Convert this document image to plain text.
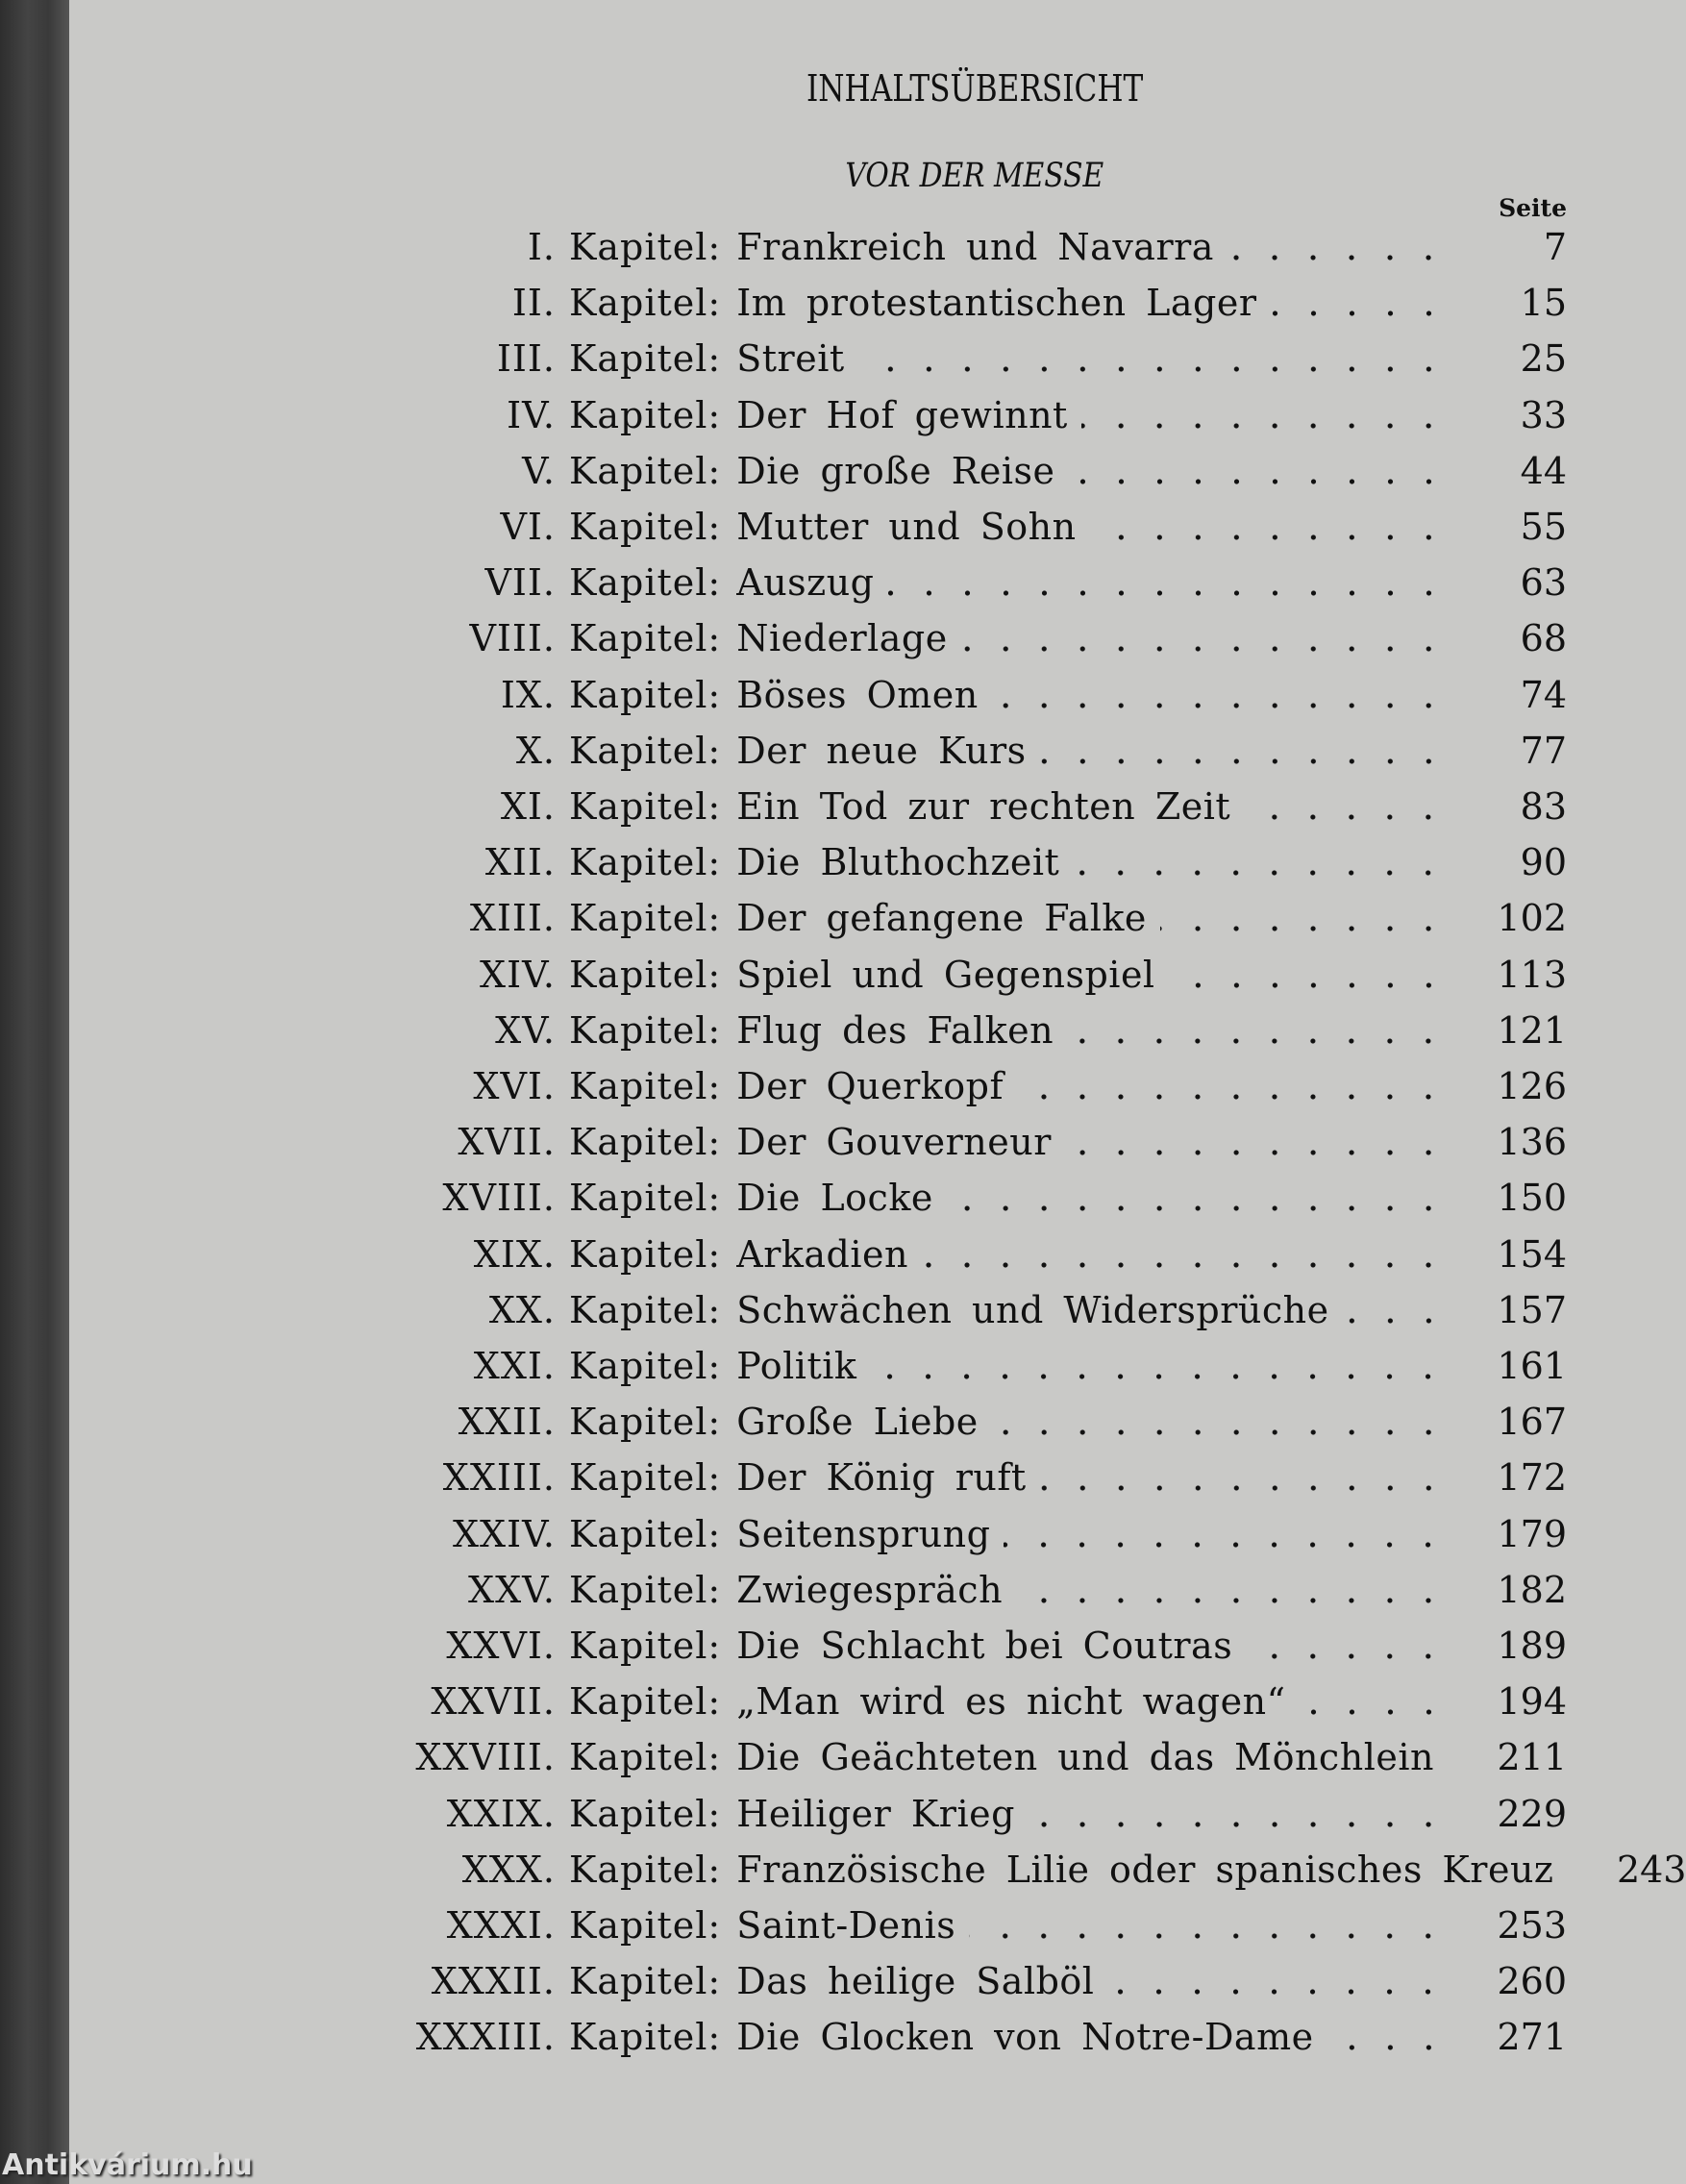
INHALTSÜBERSICHT
VOR DER MESSE
Seite
I. Kapitel: Frankreich und Navarra	7
II. Kapitel: Im protestantischen Lager	15
III. Kapitel: Streit	25
IV. Kapitel: Der Hof gewinnt	33
V. Kapitel: Die große Reise	44
VI. Kapitel: Mutter und Sohn	55
VII. Kapitel: Auszug	63
VIII. Kapitel: Niederlage	68
IX. Kapitel: Böses Omen	74
X. Kapitel: Der neue Kurs	77
XI. Kapitel: Ein Tod zur rechten Zeit	83
XII. Kapitel: Die Bluthochzeit	90
XIII. Kapitel: Der gefangene Falke	102
XIV. Kapitel: Spiel und Gegenspiel	113
XV. Kapitel: Flug des Falken	121
XVI. Kapitel: Der Querkopf	126
XVII. Kapitel: Der Gouverneur	136
XVIII. Kapitel: Die Locke	150
XIX. Kapitel: Arkadien	154
XX. Kapitel: Schwächen und Widersprüche	157
XXI. Kapitel: Politik	161
XXII. Kapitel: Große Liebe	167
XXIII. Kapitel: Der König ruft	172
XXIV. Kapitel: Seitensprung	179
XXV. Kapitel: Zwiegespräch	182
XXVI. Kapitel: Die Schlacht bei Coutras	189
XXVII. Kapitel: „Man wird es nicht wagen“	194
XXVIII. Kapitel: Die Geächteten und das Mönchlein	211
XXIX. Kapitel: Heiliger Krieg	229
XXX. Kapitel: Französische Lilie oder spanisches Kreuz	243
XXXI. Kapitel: Saint-Denis	253
XXXII. Kapitel: Das heilige Salböl	260
XXXIII. Kapitel: Die Glocken von Notre-Dame	271
Antikvárium.hu
